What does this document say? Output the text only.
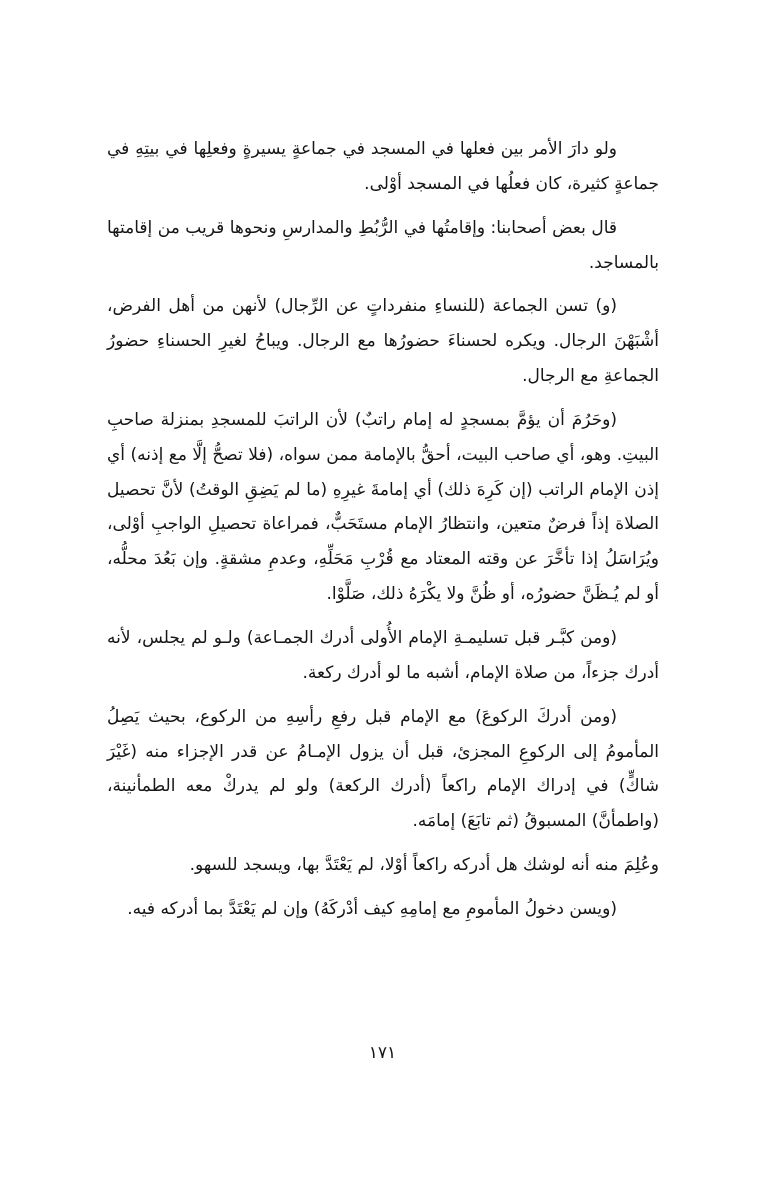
ولو دارَ الأمر بين فعلها في المسجد في جماعةٍ يسيرةٍ وفعلِها في بيتِهِ في جماعةٍ كثيرة، كان فعلُها في المسجد أوْلى.

قال بعض أصحابنا: وإقامتُها في الرُّبُطِ والمدارسِ ونحوها قريب من إقامتها بالمساجد.

(و) تسن الجماعة (للنساءِ منفرداتٍ عن الرِّجال) لأنهن من أهل الفرض، أشْبَهْنَ الرجال. ويكره لحسناءَ حضورُها مع الرجال. ويباحُ لغيرِ الحسناءِ حضورُ الجماعةِ مع الرجال.

(وحَرُمَ أن يؤمَّ بمسجدٍ له إمام راتبٌ) لأن الراتبَ للمسجدِ بمنزلة صاحبِ البيتِ. وهو، أي صاحب البيت، أحقُّ بالإمامة ممن سواه، (فلا تصحُّ إلَّا مع إذنه) أي إذن الإمام الراتب (إن كَرِهَ ذلك) أي إمامةَ غيرِهِ (ما لم يَضِقِ الوقتُ) لأنَّ تحصيل الصلاة إذاً فرضٌ متعين، وانتظارُ الإمام مستَحَبٌّ، فمراعاة تحصيلِ الواجبِ أوْلى، ويُرَاسَلُ إذا تأخَّرَ عن وقته المعتاد مع قُرْبِ مَحَلِّهِ، وعدمِ مشقةٍ. وإن بَعُدَ محلُّه، أو لم يُـظَنَّ حضورُه، أو ظُنَّ ولا يكْرَهُ ذلك، صَلَّوْا.

(ومن كبَّـر قبل تسليمـةِ الإمام الأُولى أدرك الجمـاعة) ولـو لم يجلس، لأنه أدرك جزءاً، من صلاة الإمام، أشبه ما لو أدرك ركعة.

(ومن أدركَ الركوعَ) مع الإمام قبل رفعِ رأسِهِ من الركوع، بحيث يَصِلُ المأمومُ إلى الركوعِ المجزئ، قبل أن يزول الإمـامُ عن قدر الإجزاء منه (غَيْرَ شاكٍّ) في إدراك الإمام راكعاً (أدرك الركعة) ولو لم يدركْ معه الطمأنينة، (واطمأنَّ) المسبوقُ (ثم تابَعَ) إمامَه.

وعُلِمَ منه أنه لوشك هل أدركه راكعاً أوْلا، لم يَعْتَدَّ بها، ويسجد للسهو.

(ويسن دخولُ المأمومِ مع إمامِهِ كيف أدْركَهُ) وإن لم يَعْتَدَّ بما أدركه فيه.

١٧١
